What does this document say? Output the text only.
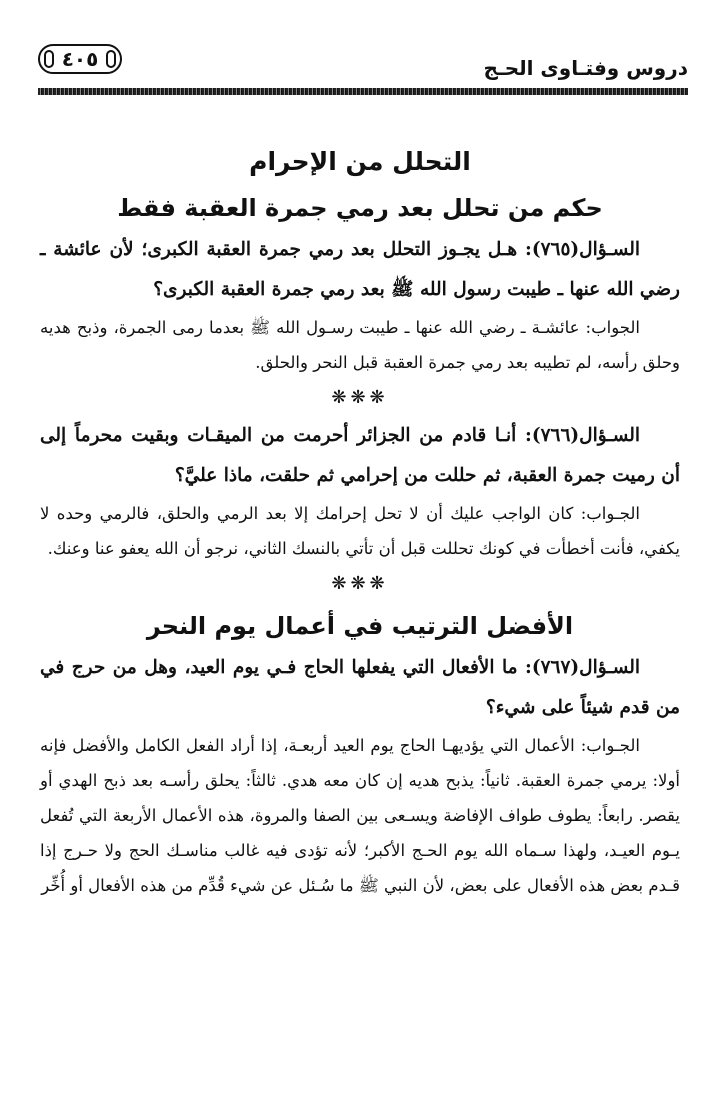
دروس وفتـاوى الحـج
٤٠٥
التحلل من الإحرام
حكم من تحلل بعد رمي جمرة العقبة فقط

السـؤال(٧٦٥): هـل يجـوز التحلل بعد رمي جمرة العقبة الكبرى؛ لأن عائشة ـ رضي الله عنها ـ طيبت رسول الله ﷺ بعد رمي جمرة العقبة الكبرى؟

الجواب: عائشـة ـ رضي الله عنها ـ طيبت رسـول الله ﷺ بعدما رمى الجمرة، وذبح هديه وحلق رأسه، لم تطيبه بعد رمي جمرة العقبة قبل النحر والحلق.

❋❋❋

السـؤال(٧٦٦): أنـا قادم من الجزائر أحرمت من الميقـات وبقيت محرماً إلى أن رميت جمرة العقبة، ثم حللت من إحرامي ثم حلقت، ماذا عليَّ؟

الجـواب: كان الواجب عليك أن لا تحل إحرامك إلا بعد الرمي والحلق، فالرمي وحده لا يكفي، فأنت أخطأت في كونك تحللت قبل أن تأتي بالنسك الثاني، نرجو أن الله يعفو عنا وعنك.

❋❋❋

الأفضل الترتيب في أعمال يوم النحر

السـؤال(٧٦٧): ما الأفعال التي يفعلها الحاج فـي يوم العيد، وهل من حرج في من قدم شيئاً على شيء؟

الجـواب: الأعمال التي يؤديهـا الحاج يوم العيد أربعـة، إذا أراد الفعل الكامل والأفضل فإنه أولا: يرمي جمرة العقبة. ثانياً: يذبح هديه إن كان معه هدي. ثالثاً: يحلق رأسـه بعد ذبح الهدي أو يقصر. رابعاً: يطوف طواف الإفاضة ويسـعى بين الصفا والمروة، هذه الأعمال الأربعة التي تُفعل يـوم العيـد، ولهذا سـماه الله يوم الحـج الأكبر؛ لأنه تؤدى فيه غالب مناسـك الحج ولا حـرج إذا قـدم بعض هذه الأفعال على بعض، لأن النبي ﷺ ما سُـئل عن شيء قُدِّم من هذه الأفعال أو أُخِّر
